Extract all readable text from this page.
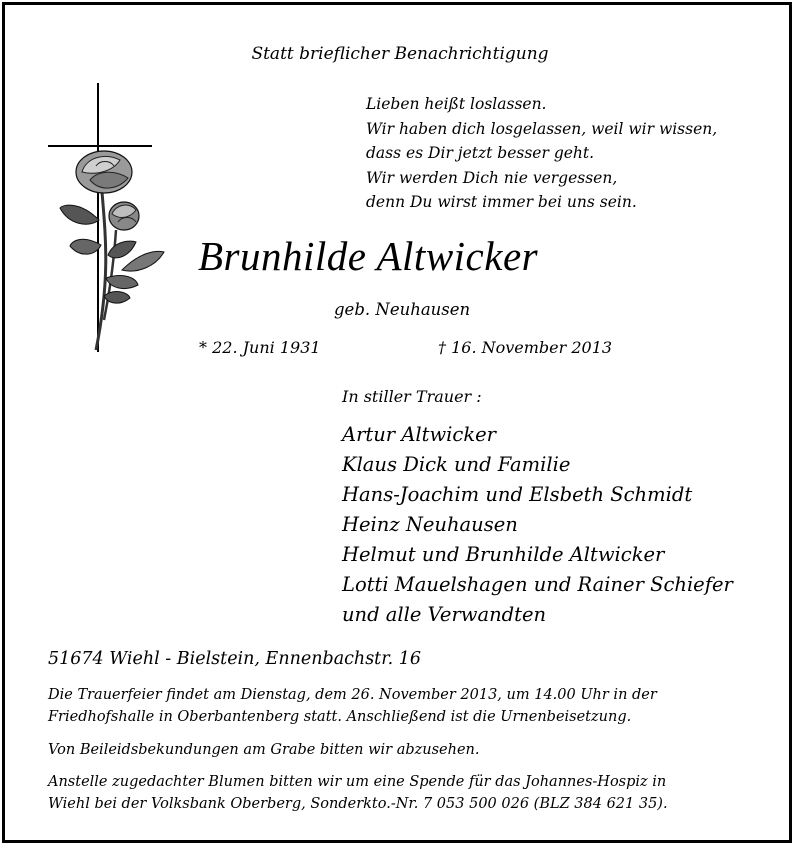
Statt brieflicher Benachrichtigung
Lieben heißt loslassen.
Wir haben dich losgelassen, weil wir wissen,
dass es Dir jetzt besser geht.
Wir werden Dich nie vergessen,
denn Du wirst immer bei uns sein.
Brunhilde Altwicker
geb. Neuhausen
* 22. Juni 1931	† 16. November 2013
In stiller Trauer :
Artur Altwicker
Klaus Dick und Familie
Hans-Joachim und Elsbeth Schmidt
Heinz Neuhausen
Helmut und Brunhilde Altwicker
Lotti Mauelshagen und Rainer Schiefer
und alle Verwandten
51674 Wiehl - Bielstein, Ennenbachstr. 16
Die Trauerfeier findet am Dienstag, dem 26. November 2013, um 14.00 Uhr in der
Friedhofshalle in Oberbantenberg statt. Anschließend ist die Urnenbeisetzung.
Von Beileidsbekundungen am Grabe bitten wir abzusehen.
Anstelle zugedachter Blumen bitten wir um eine Spende für das Johannes-Hospiz in
Wiehl bei der Volksbank Oberberg, Sonderkto.-Nr. 7 053 500 026 (BLZ 384 621 35).
